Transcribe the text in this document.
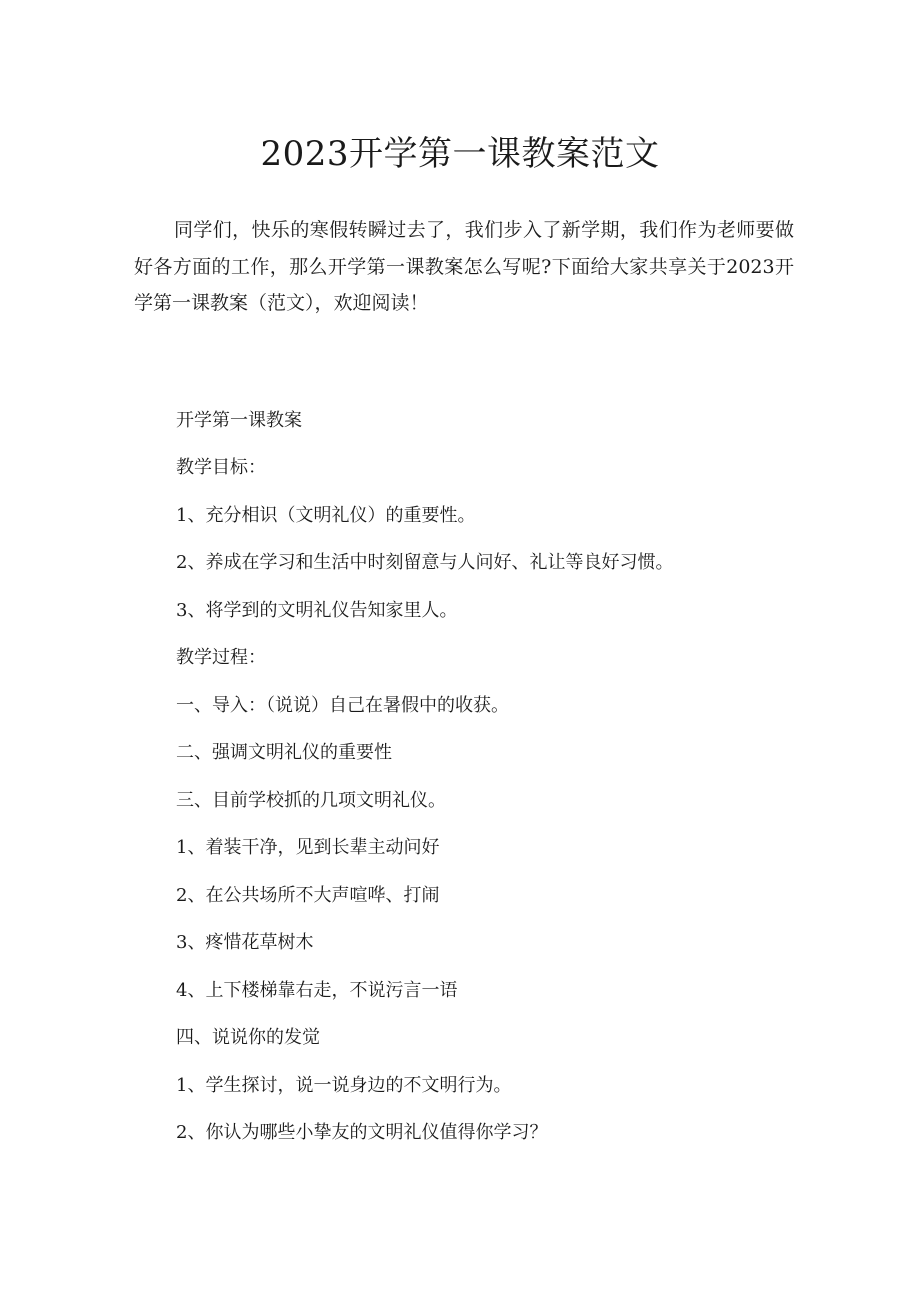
2023开学第一课教案范文

同学们，快乐的寒假转瞬过去了，我们步入了新学期，我们作为老师要做好各方面的工作，那么开学第一课教案怎么写呢?下面给大家共享关于2023开学第一课教案（范文），欢迎阅读！

开学第一课教案

教学目标：

1、充分相识（文明礼仪）的重要性。

2、养成在学习和生活中时刻留意与人问好、礼让等良好习惯。

3、将学到的文明礼仪告知家里人。

教学过程：

一、导入：（说说）自己在暑假中的收获。

二、强调文明礼仪的重要性

三、目前学校抓的几项文明礼仪。

1、着装干净，见到长辈主动问好

2、在公共场所不大声喧哗、打闹

3、疼惜花草树木

4、上下楼梯靠右走，不说污言一语

四、说说你的发觉

1、学生探讨，说一说身边的不文明行为。

2、你认为哪些小挚友的文明礼仪值得你学习？
